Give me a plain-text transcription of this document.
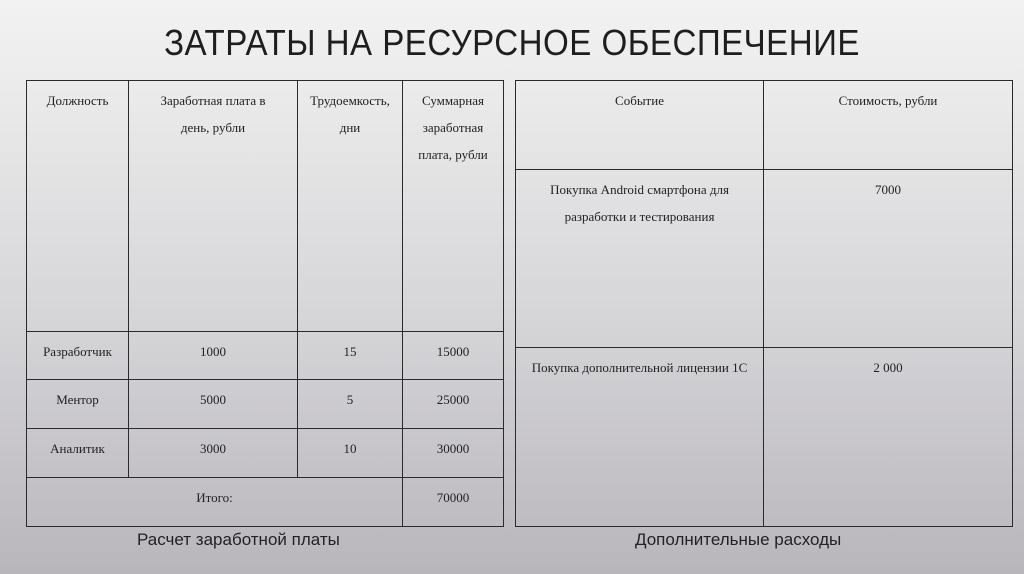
ЗАТРАТЫ НА РЕСУРСНОЕ ОБЕСПЕЧЕНИЕ
Должность	Заработная плата в день, рубли	Трудоемкость, дни	Суммарная заработная плата, рубли
Разработчик	1000	15	15000
Ментор	5000	5	25000
Аналитик	3000	10	30000
Итого:			70000
Событие	Стоимость, рубли
Покупка Android смартфона для разработки и тестирования	7000
Покупка дополнительной лицензии 1С	2 000
Расчет заработной платы	Дополнительные расходы
